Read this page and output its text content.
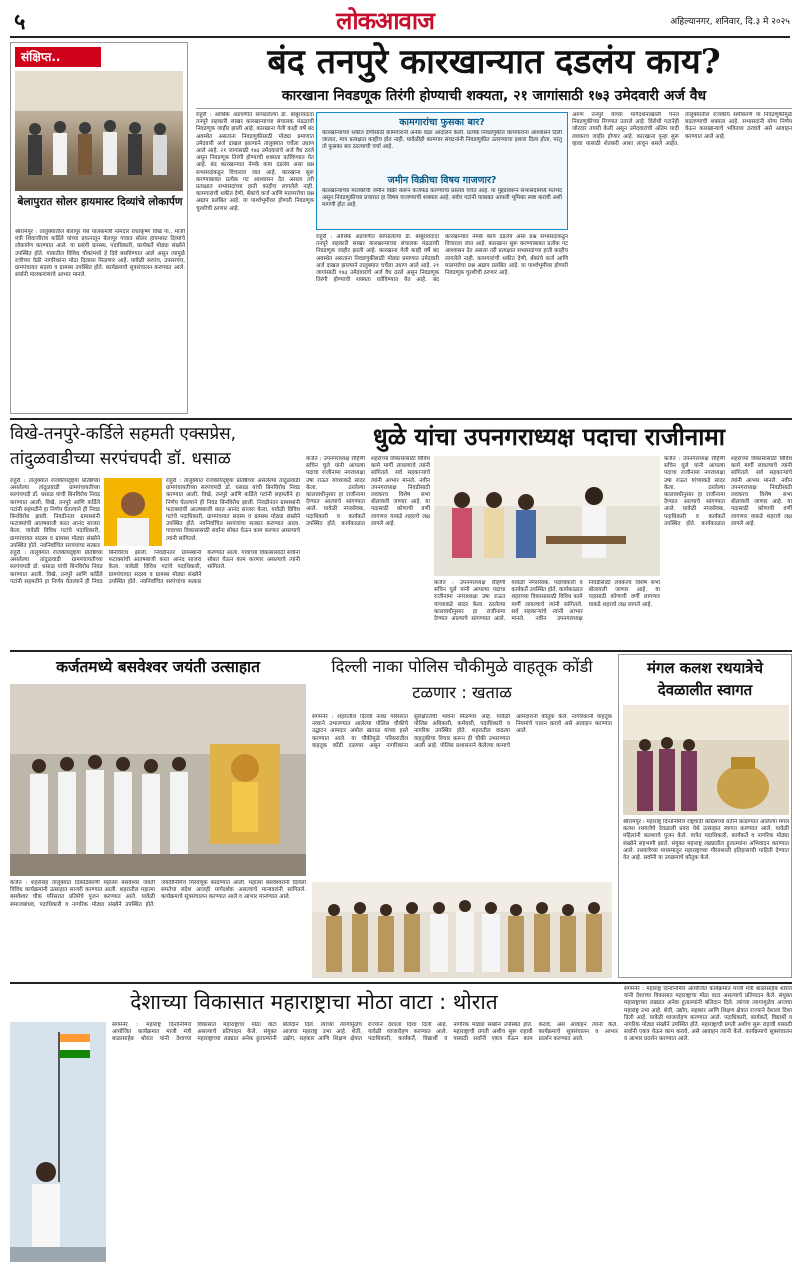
५	लोकआवाज	अहिल्यानगर, शनिवार, दि.३ मे २०२५
संक्षिप्त..
बेलापुरात सोलर हायमास्ट दिव्यांचे लोकार्पण
श्रीरामपूर : तालुक्यातील बेलापूर येथे पालकमंत्री नामदार राधाकृष्ण विखे पा., माजी मंत्री शिवाजीराव कर्डिले यांच्या प्रयत्नातून बेलापूर गावात सोलर हायमास्ट दिव्यांचे लोकार्पण करण्यात आले. या प्रसंगी ग्रामस्थ, पदाधिकारी, कार्यकर्ते मोठ्या संख्येने उपस्थित होते. गावातील विविध चौकांमध्ये हे दिवे बसविण्यात आले असून त्यामुळे रात्रीच्या वेळी नागरिकांना मोठा दिलासा मिळणार आहे. यावेळी सरपंच, उपसरपंच, ग्रामपंचायत सदस्य व ग्रामस्थ उपस्थित होते. कार्यक्रमाचे सूत्रसंचालन करण्यात आले. सर्वांनी पालकमंत्र्यांचे आभार मानले.
बंद तनपुरे कारखान्यात दडलंय काय?
कारखाना निवडणूक तिरंगी होण्याची शक्यता, २१ जागांसाठी १७३ उमेदवारी अर्ज वैध
राहुरी : आर्थिक अडचणीत सापडलेल्या डॉ. बाबुरावदादा तनपुरे सहकारी साखर कारखान्याच्या संचालक मंडळाची निवडणूक जाहीर झाली आहे. कारखाना गेली काही वर्षे बंद अवस्थेत असताना निवडणुकीसाठी मोठ्या प्रमाणात उमेदवारी अर्ज दाखल झाल्याने तालुक्यात चर्चेला उधाण आले आहे. २१ जागांसाठी १७३ उमेदवारांचे अर्ज वैध ठरले असून निवडणूक तिरंगी होण्याची शक्यता वर्तविण्यात येत आहे. बंद कारखान्यात नेमके काय दडलंय असा प्रश्न सभासदांकडून विचारला जात आहे. कारखाना सुरू करण्याबाबत प्रत्येक गट आश्वासन देत असला तरी प्रत्यक्षात सभासदांच्या हाती काहीच लागलेले नाही. कामगारांची थकीत देणी, बँकांचे कर्ज आणि मालमत्तेचा प्रश्न अद्याप प्रलंबित आहे. या पार्श्वभूमीवर होणारी निवडणूक चुरशीची ठरणार आहे.
कामगारांचा फुसका बार?
कारखान्याच्या थकीत देणीसाठी कामगारांनी अनेक वेळा आंदोलने केली. प्रत्येक निवडणुकीत कामगारांना आश्वासने दिली जातात, मात्र प्रत्यक्षात काहीच होत नाही. यावेळीही कामगार संघटनांनी निवडणुकीत उतरण्याचा इशारा दिला होता, परंतु तो फुसका बार ठरल्याची चर्चा आहे.
जमीन विक्रीचा विषय गाजणार?
कारखान्याच्या मालकीची जमीन विक्री करून कर्जफेड करण्याचा प्रस्ताव चर्चेत आहे. या मुद्द्यावरून सभासदांमध्ये मतभेद असून निवडणुकीच्या प्रचारात हा विषय गाजण्याची शक्यता आहे. सर्वच गटांनी याबाबत आपली भूमिका स्पष्ट करावी अशी मागणी होत आहे.
राहुरी : आर्थिक अडचणीत सापडलेल्या डॉ. बाबुरावदादा तनपुरे सहकारी साखर कारखान्याच्या संचालक मंडळाची निवडणूक जाहीर झाली आहे. कारखाना गेली काही वर्षे बंद अवस्थेत असताना निवडणुकीसाठी मोठ्या प्रमाणात उमेदवारी अर्ज दाखल झाल्याने तालुक्यात चर्चेला उधाण आले आहे. २१ जागांसाठी १७३ उमेदवारांचे अर्ज वैध ठरले असून निवडणूक तिरंगी होण्याची शक्यता वर्तविण्यात येत आहे. बंद कारखान्यात नेमके काय दडलंय असा प्रश्न सभासदांकडून विचारला जात आहे. कारखाना सुरू करण्याबाबत प्रत्येक गट आश्वासन देत असला तरी प्रत्यक्षात सभासदांच्या हाती काहीच लागलेले नाही. कामगारांची थकीत देणी, बँकांचे कर्ज आणि मालमत्तेचा प्रश्न अद्याप प्रलंबित आहे. या पार्श्वभूमीवर होणारी निवडणूक चुरशीची ठरणार आहे.
अरुण तनपुरे यांच्या मार्गदर्शनाखाली पॅनल निवडणुकीच्या रिंगणात उतरले आहे. विरोधी गटानेही जोरदार तयारी केली असून उमेदवारांची अंतिम यादी लवकरच जाहीर होणार आहे. कारखाना पुन्हा सुरू व्हावा यासाठी शेतकरी आशा लावून बसले आहेत. तालुक्यातील राजकीय समीकरणे या निवडणुकीमुळे बदलण्याची शक्यता आहे. सभासदांनी योग्य निर्णय घेऊन कारखान्याचे भवितव्य ठरवावे असे आवाहन करण्यात आले आहे.
विखे-तनपुरे-कर्डिले सहमती एक्सप्रेस, तांदुळवाडीच्या सरपंचपदी डॉ. धसाळ
राहुरी : तालुक्यात राजकीयदृष्ट्या प्रतिष्ठेच्या असलेल्या तांदुळवाडी ग्रामपंचायतीच्या सरपंचपदी डॉ. धसाळ यांची बिनविरोध निवड करण्यात आली. विखे, तनपुरे आणि कर्डिले गटांनी सहमतीने हा निर्णय घेतल्याने ही निवड बिनविरोध झाली. निवडीनंतर ग्रामस्थांनी फटाक्यांची आतषबाजी करत आनंद साजरा केला. यावेळी विविध गटांचे पदाधिकारी, ग्रामपंचायत सदस्य व ग्रामस्थ मोठ्या संख्येने उपस्थित होते. नवनिर्वाचित सरपंचांचा सत्कार
राहुरी : तालुक्यात राजकीयदृष्ट्या प्रतिष्ठेच्या असलेल्या तांदुळवाडी ग्रामपंचायतीच्या सरपंचपदी डॉ. धसाळ यांची बिनविरोध निवड करण्यात आली. विखे, तनपुरे आणि कर्डिले गटांनी सहमतीने हा निर्णय घेतल्याने ही निवड बिनविरोध झाली. निवडीनंतर ग्रामस्थांनी फटाक्यांची आतषबाजी करत आनंद साजरा केला. यावेळी विविध गटांचे पदाधिकारी, ग्रामपंचायत सदस्य व ग्रामस्थ मोठ्या संख्येने उपस्थित होते. नवनिर्वाचित सरपंचांचा सत्कार करण्यात आला. गावाच्या विकासासाठी सर्वांना सोबत घेऊन काम करणार असल्याचे त्यांनी सांगितले.
राहुरी : तालुक्यात राजकीयदृष्ट्या प्रतिष्ठेच्या असलेल्या तांदुळवाडी ग्रामपंचायतीच्या सरपंचपदी डॉ. धसाळ यांची बिनविरोध निवड करण्यात आली. विखे, तनपुरे आणि कर्डिले गटांनी सहमतीने हा निर्णय घेतल्याने ही निवड बिनविरोध झाली. निवडीनंतर ग्रामस्थांनी फटाक्यांची आतषबाजी करत आनंद साजरा केला. यावेळी विविध गटांचे पदाधिकारी, ग्रामपंचायत सदस्य व ग्रामस्थ मोठ्या संख्येने उपस्थित होते. नवनिर्वाचित सरपंचांचा सत्कार करण्यात आला. गावाच्या विकासासाठी सर्वांना सोबत घेऊन काम करणार असल्याचे त्यांनी सांगितले.
धुळे यांचा उपनगराध्यक्ष पदाचा राजीनामा
कर्जत : उपनगराध्यक्ष रोहिणी सचिन घुले यांनी आपल्या पदाचा राजीनामा नगराध्यक्षा उषा राऊत यांच्याकडे सादर केला. ठरलेल्या कालावधीनुसार हा राजीनामा देण्यात आल्याचे सांगण्यात आले. यावेळी नगरसेवक, पदाधिकारी व कार्यकर्ते उपस्थित होते. कार्यकाळात शहराच्या विकासासाठी विविध कामे मार्गी लावल्याचे त्यांनी सांगितले. सर्व सहकाऱ्यांचे त्यांनी आभार मानले. नवीन उपनगराध्यक्ष निवडीसाठी लवकरच विशेष सभा बोलावली जाणार आहे. या पदासाठी कोणाची वर्णी लागणार याकडे शहराचे लक्ष लागले आहे.
कर्जत : उपनगराध्यक्ष रोहिणी सचिन घुले यांनी आपल्या पदाचा राजीनामा नगराध्यक्षा उषा राऊत यांच्याकडे सादर केला. ठरलेल्या कालावधीनुसार हा राजीनामा देण्यात आल्याचे सांगण्यात आले. यावेळी नगरसेवक, पदाधिकारी व कार्यकर्ते उपस्थित होते. कार्यकाळात शहराच्या विकासासाठी विविध कामे मार्गी लावल्याचे त्यांनी सांगितले. सर्व सहकाऱ्यांचे त्यांनी आभार मानले. नवीन उपनगराध्यक्ष निवडीसाठी लवकरच विशेष सभा बोलावली जाणार आहे. या पदासाठी कोणाची वर्णी लागणार याकडे शहराचे लक्ष लागले आहे.
कर्जत : उपनगराध्यक्ष रोहिणी सचिन घुले यांनी आपल्या पदाचा राजीनामा नगराध्यक्षा उषा राऊत यांच्याकडे सादर केला. ठरलेल्या कालावधीनुसार हा राजीनामा देण्यात आल्याचे सांगण्यात आले. यावेळी नगरसेवक, पदाधिकारी व कार्यकर्ते उपस्थित होते. कार्यकाळात शहराच्या विकासासाठी विविध कामे मार्गी लावल्याचे त्यांनी सांगितले. सर्व सहकाऱ्यांचे त्यांनी आभार मानले. नवीन उपनगराध्यक्ष निवडीसाठी लवकरच विशेष सभा बोलावली जाणार आहे. या पदासाठी कोणाची वर्णी लागणार याकडे शहराचे लक्ष लागले आहे.
कर्जतमध्ये बसवेश्वर जयंती उत्साहात
कर्जत : शहरासह तालुक्यात ठिकठिकाणी महात्मा बसवेश्वर जयंती विविध कार्यक्रमांनी उत्साहात साजरी करण्यात आली. शहरातील महात्मा बसवेश्वर चौक परिसरात प्रतिमेचे पूजन करण्यात आले. यावेळी समाजबांधव, पदाधिकारी व नागरिक मोठ्या संख्येने उपस्थित होते. जयंतीनिमित्त मिरवणूक काढण्यात आली. महात्मा बसवेश्वरांनी दिलेला समतेचा संदेश आजही मार्गदर्शक असल्याचे मान्यवरांनी सांगितले. कार्यक्रमाचे सूत्रसंचालन करण्यात आले व आभार मानण्यात आले.
दिल्ली नाका पोलिस चौकीमुळे वाहतूक कोंडी टळणार : खताळ
संगमनेर : शहरातील दिल्ली नाका परिसरात नव्याने उभारण्यात आलेल्या पोलिस चौकीचे उद्घाटन आमदार अमोल खताळ यांच्या हस्ते करण्यात आले. या चौकीमुळे परिसरातील वाहतूक कोंडी टळणार असून नागरिकांना सुरक्षिततेची भावना मिळणार आहे. यावेळी पोलिस अधिकारी, कर्मचारी, पदाधिकारी व नागरिक उपस्थित होते. शहरातील वाढत्या वाहतुकीचा विचार करून ही चौकी उभारण्यात आली आहे. पोलिस प्रशासनाने केलेल्या कामाचे आमदारांनी कौतुक केले. नागरिकांनी वाहतूक नियमांचे पालन करावे असे आवाहन करण्यात आले.
मंगल कलश रथयात्रेचे देवळालीत स्वागत
श्रीरामपूर : महाराष्ट्र दिनानिमित्त राष्ट्रवादी काँग्रेसच्या वतीने काढण्यात आलेल्या मंगल कलश रथयात्रेचे देवळाली प्रवरा येथे उत्साहात स्वागत करण्यात आले. यावेळी महिलांनी कलशाचे पूजन केले. यात्रेत पदाधिकारी, कार्यकर्ते व नागरिक मोठ्या संख्येने सहभागी झाले. संयुक्त महाराष्ट्र लढ्यातील हुतात्म्यांना अभिवादन करण्यात आले. रथयात्रेच्या माध्यमातून महाराष्ट्राच्या गौरवशाली इतिहासाची माहिती देण्यात येत आहे. सर्वांनी या उपक्रमाचे कौतुक केले.
देशाच्या विकासात महाराष्ट्राचा मोठा वाटा : थोरात
संगमनेर : महाराष्ट्र दिनानिमित्त आयोजित कार्यक्रमात माजी मंत्री बाळासाहेब थोरात यांनी देशाच्या विकासात महाराष्ट्राचा मोठा वाटा असल्याचे प्रतिपादन केले. संयुक्त महाराष्ट्राच्या लढ्यात अनेक हुतात्म्यांनी बलिदान दिले. त्यांच्या त्यागामुळेच आजचा महाराष्ट्र उभा आहे. शेती, उद्योग, सहकार आणि शिक्षण क्षेत्रात राज्याने देशाला दिशा दिली आहे. यावेळी ध्वजारोहण करण्यात आले. पदाधिकारी, कार्यकर्ते, विद्यार्थी व नागरिक मोठ्या संख्येने उपस्थित होते. महाराष्ट्राची प्रगती अशीच सुरू राहावी यासाठी सर्वांनी एकत्र येऊन काम करावे, असे आवाहन त्यांनी केले. कार्यक्रमाचे सूत्रसंचालन व आभार प्रदर्शन करण्यात आले.
संगमनेर : महाराष्ट्र दिनानिमित्त आयोजित कार्यक्रमात माजी मंत्री बाळासाहेब थोरात यांनी देशाच्या विकासात महाराष्ट्राचा मोठा वाटा असल्याचे प्रतिपादन केले. संयुक्त महाराष्ट्राच्या लढ्यात अनेक हुतात्म्यांनी बलिदान दिले. त्यांच्या त्यागामुळेच आजचा महाराष्ट्र उभा आहे. शेती, उद्योग, सहकार आणि शिक्षण क्षेत्रात राज्याने देशाला दिशा दिली आहे. यावेळी ध्वजारोहण करण्यात आले. पदाधिकारी, कार्यकर्ते, विद्यार्थी व नागरिक मोठ्या संख्येने उपस्थित होते. महाराष्ट्राची प्रगती अशीच सुरू राहावी यासाठी सर्वांनी एकत्र येऊन काम करावे, असे आवाहन त्यांनी केले. कार्यक्रमाचे सूत्रसंचालन व आभार प्रदर्शन करण्यात आले.
